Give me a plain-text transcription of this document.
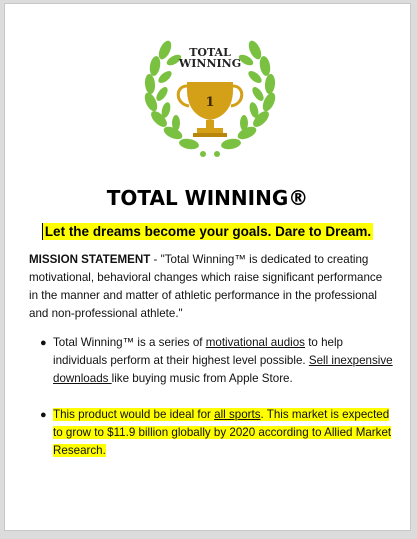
TOTAL
WINNING
1
TOTAL WINNING®
Let the dreams become your goals. Dare to Dream.
MISSION STATEMENT - "Total Winning™ is dedicated to creating motivational, behavioral changes which raise significant performance in the manner and matter of athletic performance in the professional and non-professional athlete."
● Total Winning™ is a series of motivational audios to help individuals perform at their highest level possible. Sell inexpensive downloads like buying music from Apple Store.
● This product would be ideal for all sports. This market is expected to grow to $11.9 billion globally by 2020 according to Allied Market Research.
